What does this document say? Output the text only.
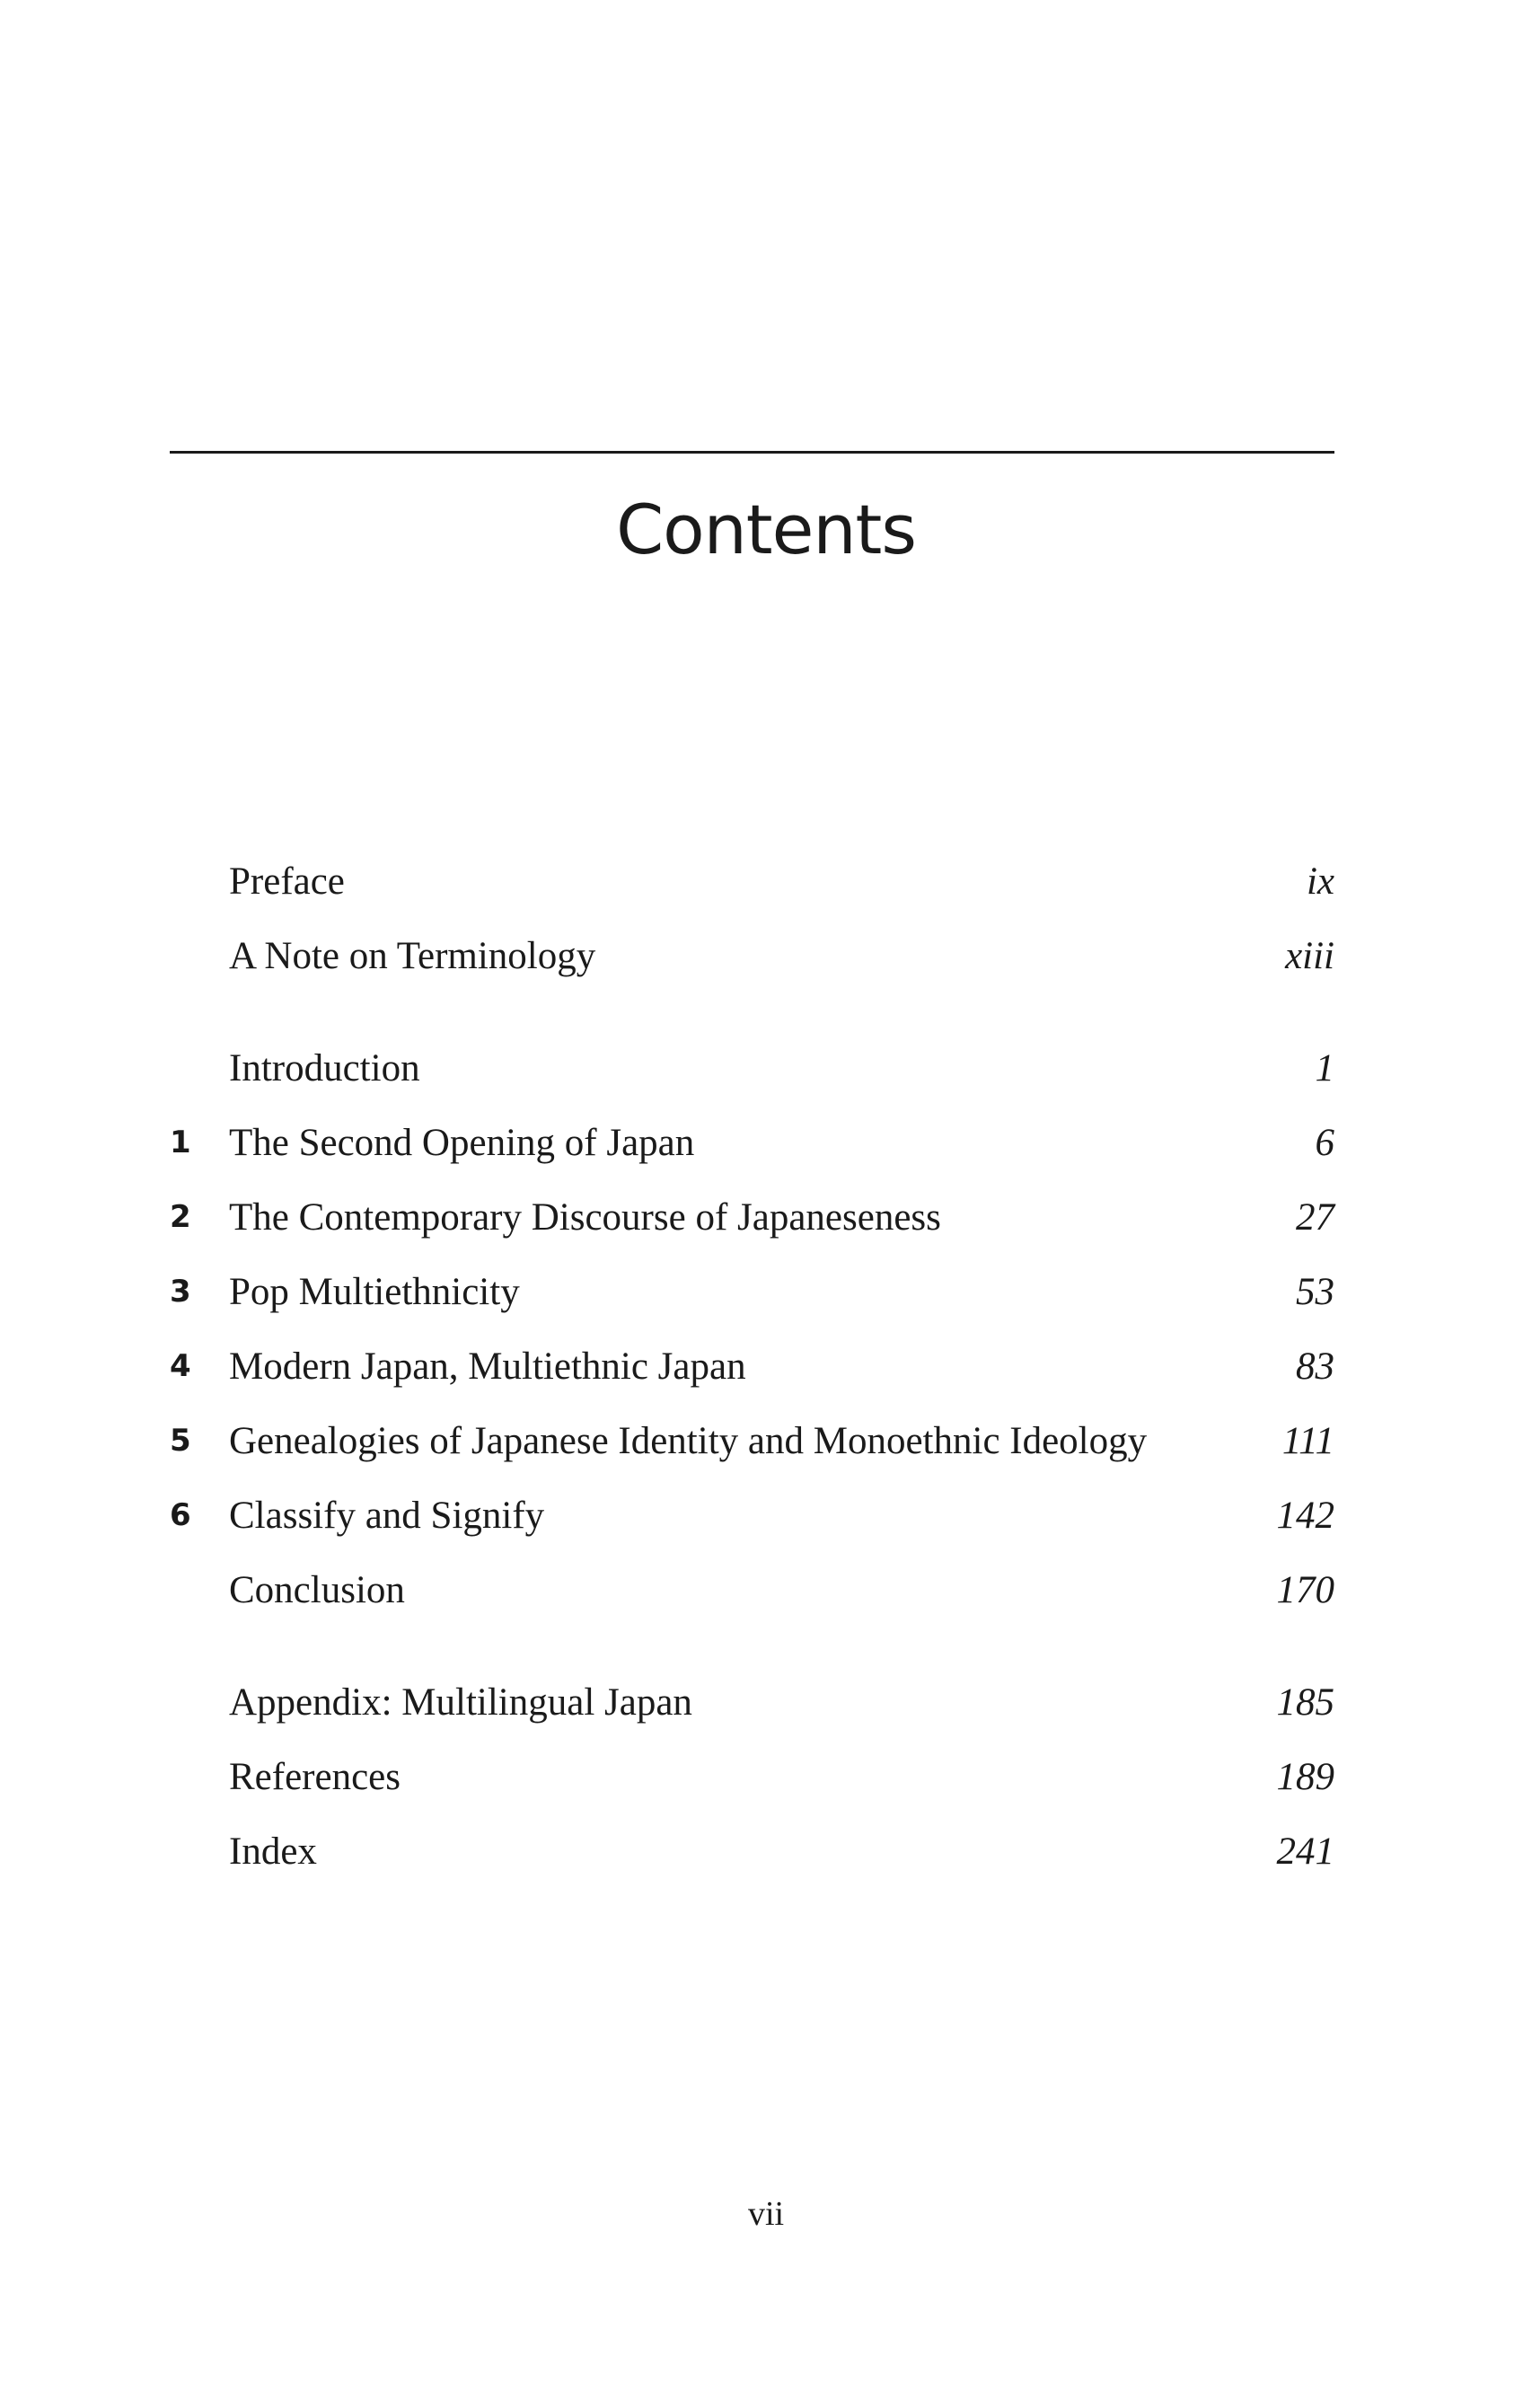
Contents
Preface	ix
A Note on Terminology	xiii
Introduction	1
1 The Second Opening of Japan	6
2 The Contemporary Discourse of Japaneseness	27
3 Pop Multiethnicity	53
4 Modern Japan, Multiethnic Japan	83
5 Genealogies of Japanese Identity and Monoethnic Ideology	111
6 Classify and Signify	142
Conclusion	170
Appendix: Multilingual Japan	185
References	189
Index	241
vii
